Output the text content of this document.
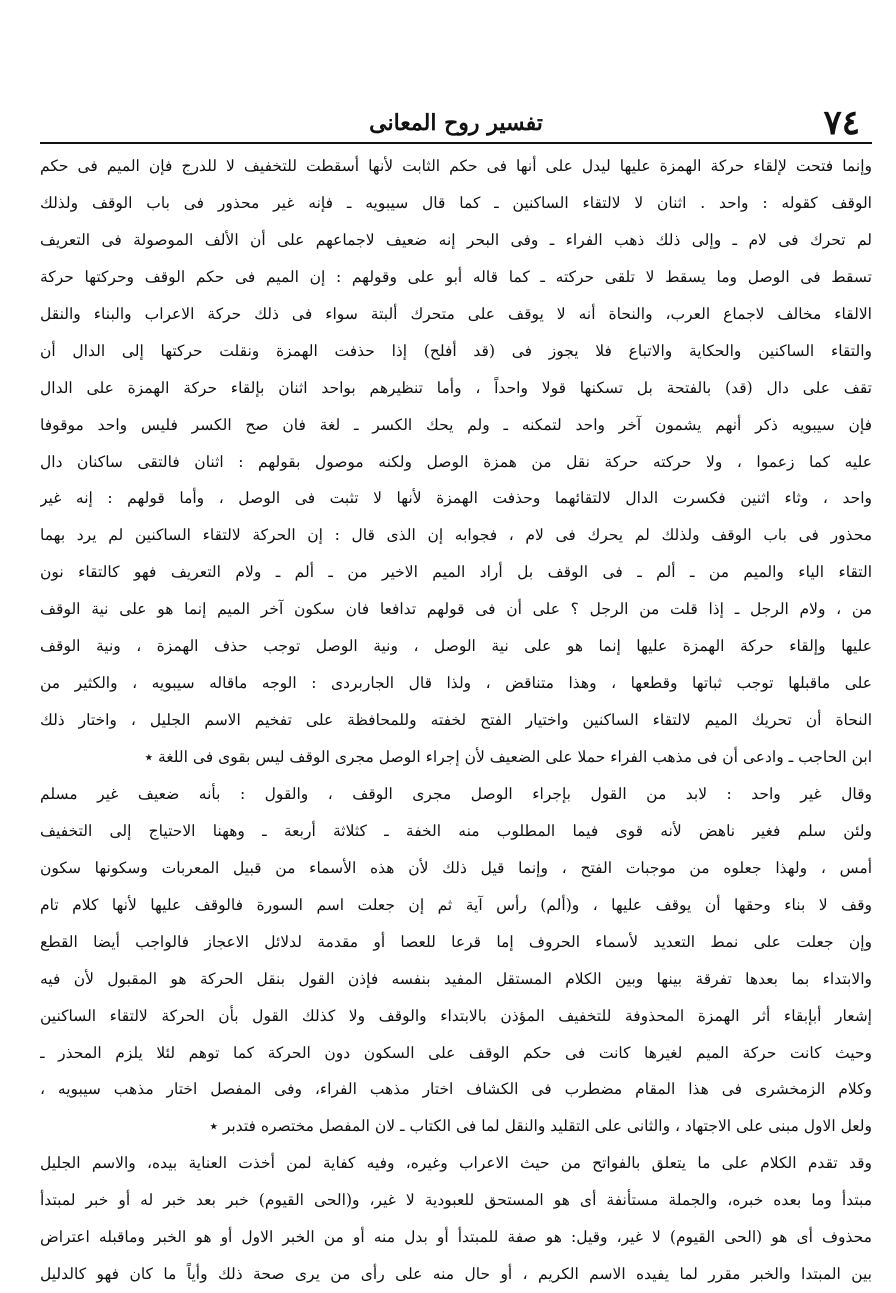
٧٤
تفسير روح المعانى
وإنما فتحت لإلقاء حركة الهمزة عليها ليدل على أنها فى حكم الثابت لأنها أسقطت للتخفيف لا للدرج فإن الميم فى حكم
الوقف كقوله : واحد . اثنان لا لالتقاء الساكنين ـ كما قال سيبويه ـ فإنه غير محذور فى باب الوقف ولذلك
لم تحرك فى لام ـ وإلى ذلك ذهب الفراء ـ وفى البحر إنه ضعيف لاجماعهم على أن الألف الموصولة فى التعريف
تسقط فى الوصل وما يسقط لا تلقى حركته ـ كما قاله أبو على وقولهم : إن الميم فى حكم الوقف وحركتها حركة
الالقاء مخالف لاجماع العرب، والنحاة أنه لا يوقف على متحرك ألبتة سواء فى ذلك حركة الاعراب والبناء والنقل
والتقاء الساكنين والحكاية والاتباع فلا يجوز فى (قد أفلح) إذا حذفت الهمزة ونقلت حركتها إلى الدال أن
تقف على دال (قد) بالفتحة بل تسكنها قولا واحداً ، وأما تنظيرهم بواحد اثنان بإلقاء حركة الهمزة على الدال
فإن سيبويه ذكر أنهم يشمون آخر واحد لتمكنه ـ ولم يحك الكسر ـ لغة فان صح الكسر فليس واحد موقوفا
عليه كما زعموا ، ولا حركته حركة نقل من همزة الوصل ولكنه موصول بقولهم : اثنان فالتقى ساكنان دال
واحد ، وثاء اثنين فكسرت الدال لالتقائهما وحذفت الهمزة لأنها لا تثبت فى الوصل ، وأما قولهم : إنه غير
محذور فى باب الوقف ولذلك لم يحرك فى لام ، فجوابه إن الذى قال : إن الحركة لالتقاء الساكنين لم يرد بهما
التقاء الياء والميم من ـ ألم ـ فى الوقف بل أراد الميم الاخير من ـ ألم ـ ولام التعريف فهو كالتقاء نون
من ، ولام الرجل ـ إذا قلت من الرجل ؟ على أن فى قولهم تدافعا فان سكون آخر الميم إنما هو على نية الوقف
عليها وإلقاء حركة الهمزة عليها إنما هو على نية الوصل ، ونية الوصل توجب حذف الهمزة ، ونية الوقف
على ماقبلها توجب ثباتها وقطعها ، وهذا متناقض ، ولذا قال الجاربردى : الوجه ماقاله سيبويه ، والكثير من
النحاة أن تحريك الميم لالتقاء الساكنين واختيار الفتح لخفته وللمحافظة على تفخيم الاسم الجليل ، واختار ذلك
ابن الحاجب ـ وادعى أن فى مذهب الفراء حملا على الضعيف لأن إجراء الوصل مجرى الوقف ليس بقوى فى اللغة ٭
وقال غير واحد : لابد من القول بإجراء الوصل مجرى الوقف ، والقول : بأنه ضعيف غير مسلم
ولئن سلم فغير ناهض لأنه قوى فيما المطلوب منه الخفة ـ كثلاثة أربعة ـ وههنا الاحتياج إلى التخفيف
أمس ، ولهذا جعلوه من موجبات الفتح ، وإنما قيل ذلك لأن هذه الأسماء من قبيل المعربات وسكونها سكون
وقف لا بناء وحقها أن يوقف عليها ، و(ألم) رأس آية ثم إن جعلت اسم السورة فالوقف عليها لأنها كلام تام
وإن جعلت على نمط التعديد لأسماء الحروف إما قرعا للعصا أو مقدمة لدلائل الاعجاز فالواجب أيضا القطع
والابتداء بما بعدها تفرقة بينها وبين الكلام المستقل المفيد بنفسه فإذن القول بنقل الحركة هو المقبول لأن فيه
إشعار أبإبقاء أثر الهمزة المحذوفة للتخفيف المؤذن بالابتداء والوقف ولا كذلك القول بأن الحركة لالتقاء الساكنين
وحيث كانت حركة الميم لغيرها كانت فى حكم الوقف على السكون دون الحركة كما توهم لئلا يلزم المحذر ـ
وكلام الزمخشرى فى هذا المقام مضطرب فى الكشاف اختار مذهب الفراء، وفى المفصل اختار مذهب سيبويه ،
ولعل الاول مبنى على الاجتهاد ، والثانى على التقليد والنقل لما فى الكتاب ـ لان المفصل مختصره فتدبر ٭
وقد تقدم الكلام على ما يتعلق بالفواتح من حيث الاعراب وغيره، وفيه كفاية لمن أخذت العناية بيده، والاسم الجليل
مبتدأ وما بعده خبره، والجملة مستأنفة أى هو المستحق للعبودية لا غير، و(الحى القيوم) خبر بعد خبر له أو خبر لمبتدأ
محذوف أى هو (الحى القيوم) لا غير، وقيل: هو صفة للمبتدأ أو بدل منه أو من الخبر الاول أو هو الخبر وماقبله اعتراض
بين المبتدا والخبر مقرر لما يفيده الاسم الكريم ، أو حال منه على رأى من يرى صحة ذلك وأياً ما كان فهو كالدليل
